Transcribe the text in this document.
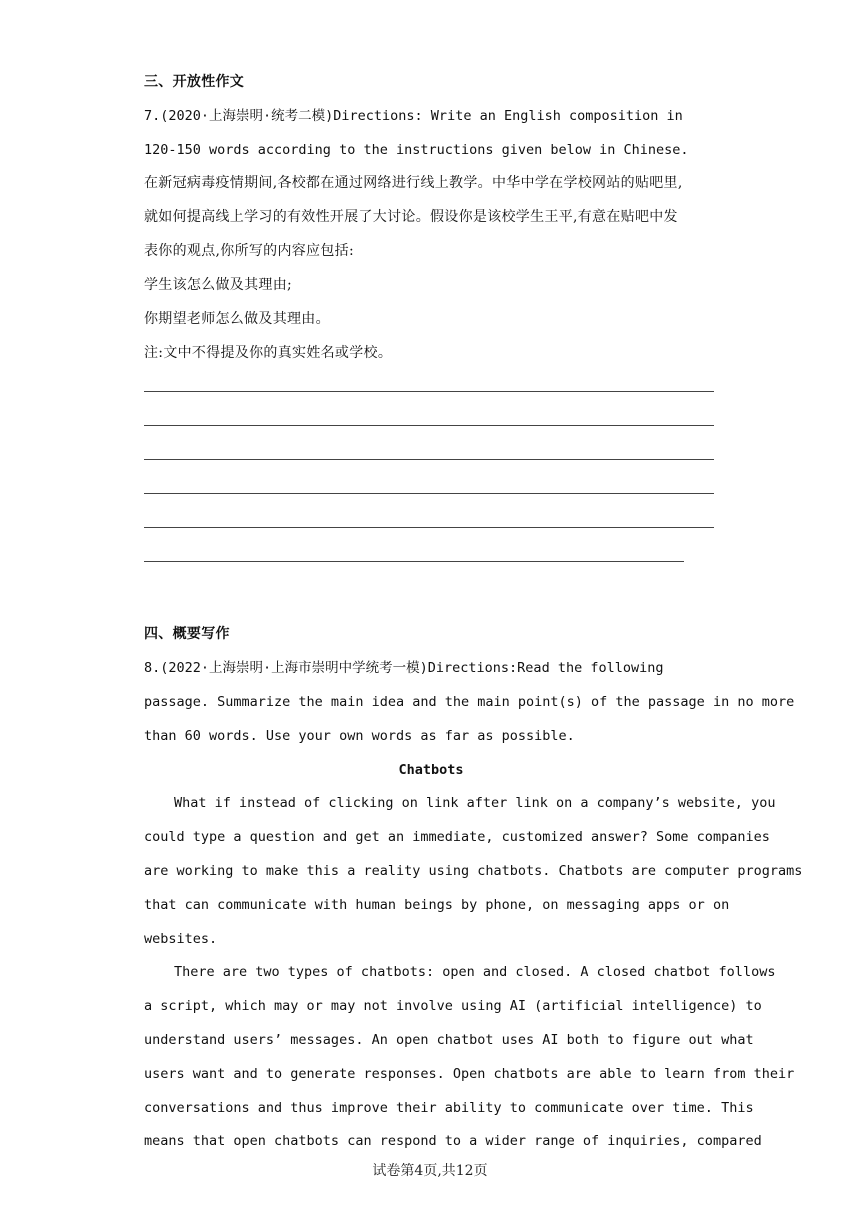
三、开放性作文
7.(2020·上海崇明·统考二模)Directions: Write an English composition in
120-150 words according to the instructions given below in Chinese.
在新冠病毒疫情期间,各校都在通过网络进行线上教学。中华中学在学校网站的贴吧里,
就如何提高线上学习的有效性开展了大讨论。假设你是该校学生王平,有意在贴吧中发
表你的观点,你所写的内容应包括:
学生该怎么做及其理由;
你期望老师怎么做及其理由。
注:文中不得提及你的真实姓名或学校。
四、概要写作
8.(2022·上海崇明·上海市崇明中学统考一模)Directions:Read the following
passage. Summarize the main idea and the main point(s) of the passage in no more
than 60 words. Use your own words as far as possible.
Chatbots
What if instead of clicking on link after link on a company’s website, you
could type a question and get an immediate, customized answer? Some companies
are working to make this a reality using chatbots. Chatbots are computer programs
that can communicate with human beings by phone, on messaging apps or on
websites.
There are two types of chatbots: open and closed. A closed chatbot follows
a script, which may or may not involve using AI (artificial intelligence) to
understand users’ messages. An open chatbot uses AI both to figure out what
users want and to generate responses. Open chatbots are able to learn from their
conversations and thus improve their ability to communicate over time. This
试卷第4页,共12页
means that open chatbots can respond to a wider range of inquiries, compared
